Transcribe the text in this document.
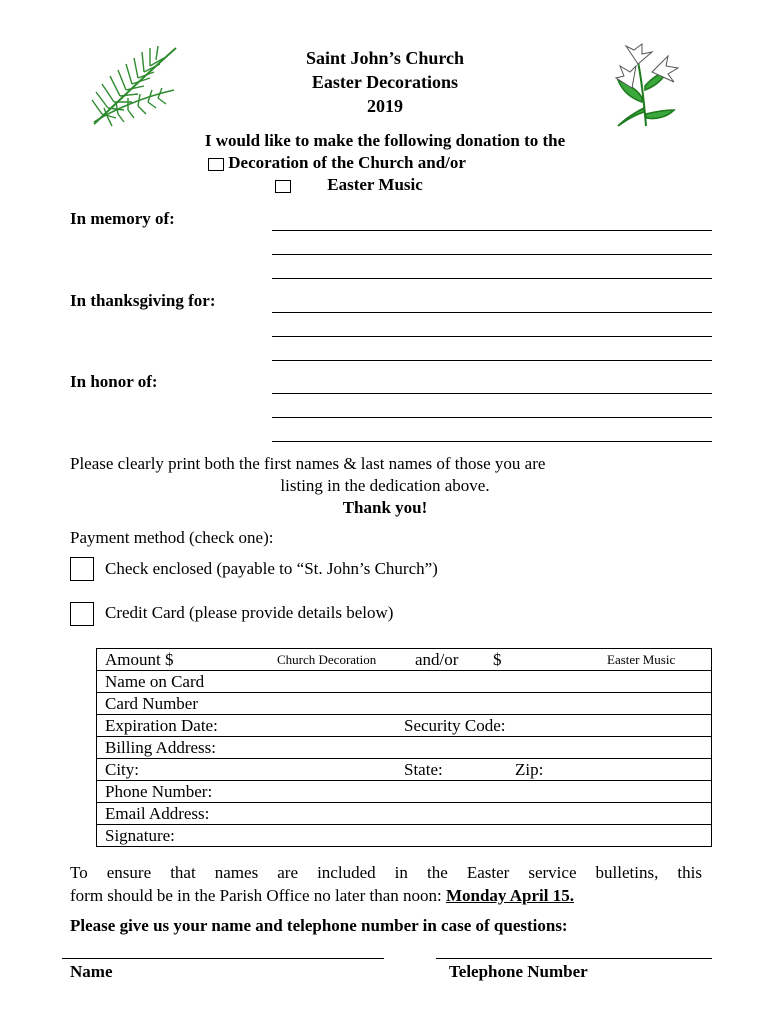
Saint John’s Church
Easter Decorations
2019
I would like to make the following donation to the
Decoration of the Church and/or
Easter Music
In memory of:
In thanksgiving for:
In honor of:
Please clearly print both the first names & last names of those you are
listing in the dedication above.
Thank you!
Payment method (check one):
Check enclosed (payable to “St. John’s Church”)
Credit Card (please provide details below)
Amount $	Church Decoration and/or $	Easter Music

Name on Card
Card Number
Expiration Date:	Security Code:

Billing Address:
City:	State:	Zip:

Phone Number:
Email Address:
Signature:
To ensure that names are included in the Easter service bulletins, this
form should be in the Parish Office no later than noon: Monday April 15.
Please give us your name and telephone number in case of questions:
Name	Telephone Number
